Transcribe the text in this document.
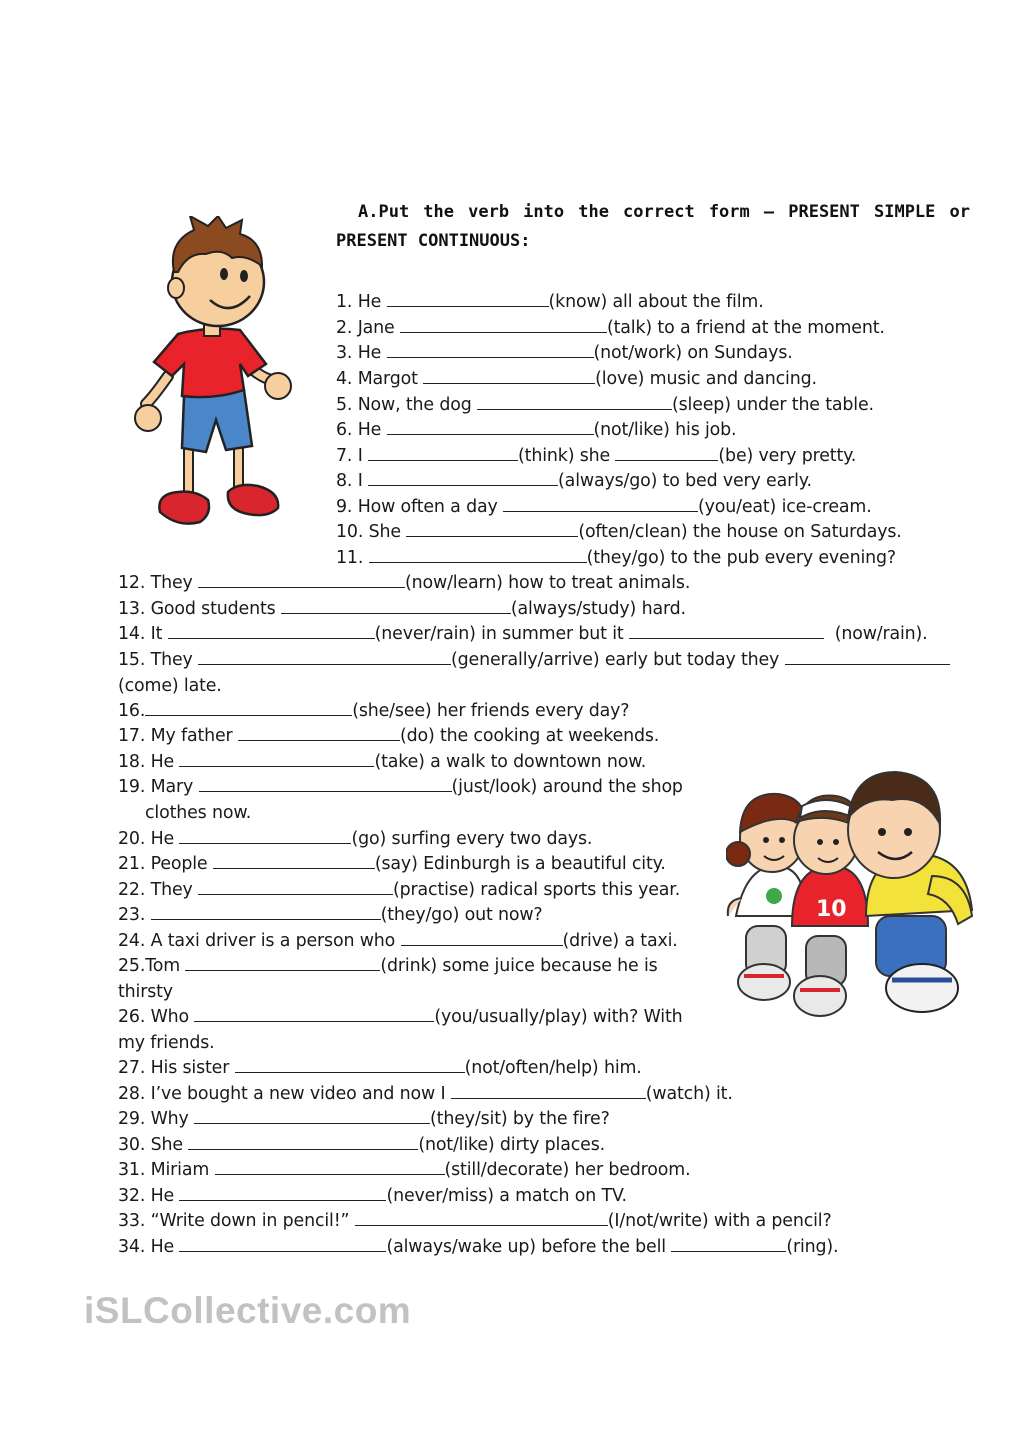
A.Put the verb into the correct form – PRESENT SIMPLE or
PRESENT CONTINUOUS:
10
1. He	(know) all about the film.
2. Jane	(talk) to a friend at the moment.
3. He	(not/work) on Sundays.
4. Margot	(love) music and dancing.
5. Now, the dog	(sleep) under the table.
6. He	(not/like) his job.
7. I	(think) she	(be) very pretty.
8. I	(always/go) to bed very early.
9. How often a day	(you/eat) ice-cream.
10. She	(often/clean) the house on Saturdays.
11.	(they/go) to the pub every evening?
12. They	(now/learn) how to treat animals.
13. Good students	(always/study) hard.
14. It	(never/rain) in summer but it	(now/rain).
15. They	(generally/arrive) early but today they
(come) late.
16.	(she/see) her friends every day?
17. My father	(do) the cooking at weekends.
18. He	(take) a walk to downtown now.
19. Mary	(just/look) around the shop
clothes now.
20. He	(go) surfing every two days.
21. People	(say) Edinburgh is a beautiful city.
22. They	(practise) radical sports this year.
23.	(they/go) out now?
24. A taxi driver is a person who	(drive) a taxi.
25.Tom	(drink) some juice because he is
thirsty
26. Who	(you/usually/play) with? With
my friends.
27. His sister	(not/often/help) him.
28. I’ve bought a new video and now I	(watch) it.
29. Why	(they/sit) by the fire?
30. She	(not/like) dirty places.
31. Miriam	(still/decorate) her bedroom.
32. He	(never/miss) a match on TV.
33. “Write down in pencil!”	(I/not/write) with a pencil?
34. He	(always/wake up) before the bell	(ring).
iSLCollective.com
